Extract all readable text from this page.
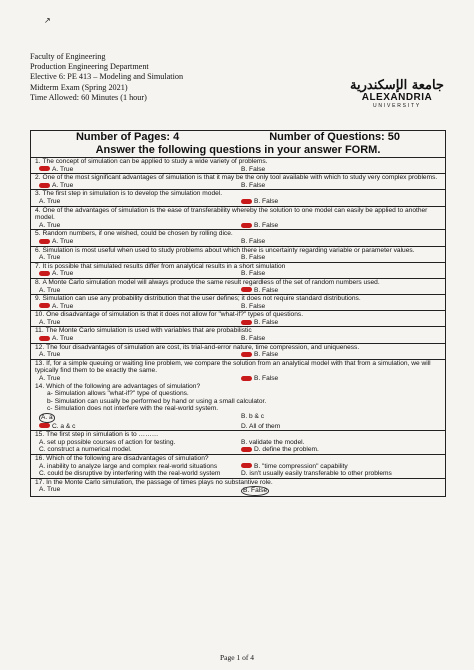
↗
Faculty of Engineering
Production Engineering Department
Elective 6: PE 413 – Modeling and Simulation
Midterm Exam (Spring 2021)
Time Allowed: 60 Minutes (1 hour)
جامعة الإسكندرية
ALEXANDRIA
UNIVERSITY
Number of Pages: 4	Number of Questions: 50
Answer the following questions in your answer FORM.
1. The concept of simulation can be applied to study a wide variety of problems.
A. True	B. False
2. One of the most significant advantages of simulation is that it may be the only tool available with which to study very complex problems.
A. True	B. False
3. The first step in simulation is to develop the simulation model.
A. True	B. False
4. One of the advantages of simulation is the ease of transferability whereby the solution to one model can easily be applied to another model.
A. True	B. False
5. Random numbers, if one wished, could be chosen by rolling dice.
A. True	B. False
6. Simulation is most useful when used to study problems about which there is uncertainty regarding variable or parameter values.
A. True	B. False
7. It is possible that simulated results differ from analytical results in a short simulation
A. True	B. False
8. A Monte Carlo simulation model will always produce the same result regardless of the set of random numbers used.
A. True	B. False
9. Simulation can use any probability distribution that the user defines; it does not require standard distributions.
A. True	B. False
10. One disadvantage of simulation is that it does not allow for "what-if?" types of questions.
A. True	B. False
11. The Monte Carlo simulation is used with variables that are probabilistic
A. True	B. False
12. The four disadvantages of simulation are cost, its trial-and-error nature, time compression, and uniqueness.
A. True	B. False
13. If, for a simple queuing or waiting line problem, we compare the solution from an analytical model with that from a simulation, we will typically find them to be exactly the same.
A. True	B. False
14. Which of the following are advantages of simulation?
a- Simulation allows "what-if?" type of questions.
b- Simulation can usually be performed by hand or using a small calculator.
c- Simulation does not interfere with the real-world system.
A. a	B. b & c
C. a & c	D. All of them
15. The first step in simulation is to ………
A. set up possible courses of action for testing.	B. validate the model.
C. construct a numerical model.	D. define the problem.
16. Which of the following are disadvantages of simulation?
A. inability to analyze large and complex real-world situations	B. "time compression" capability
C. could be disruptive by interfering with the real-world system	D. isn't usually easily transferable to other problems
17. In the Monte Carlo simulation, the passage of times plays no substantive role.
A. True	B. False
Page 1 of 4
